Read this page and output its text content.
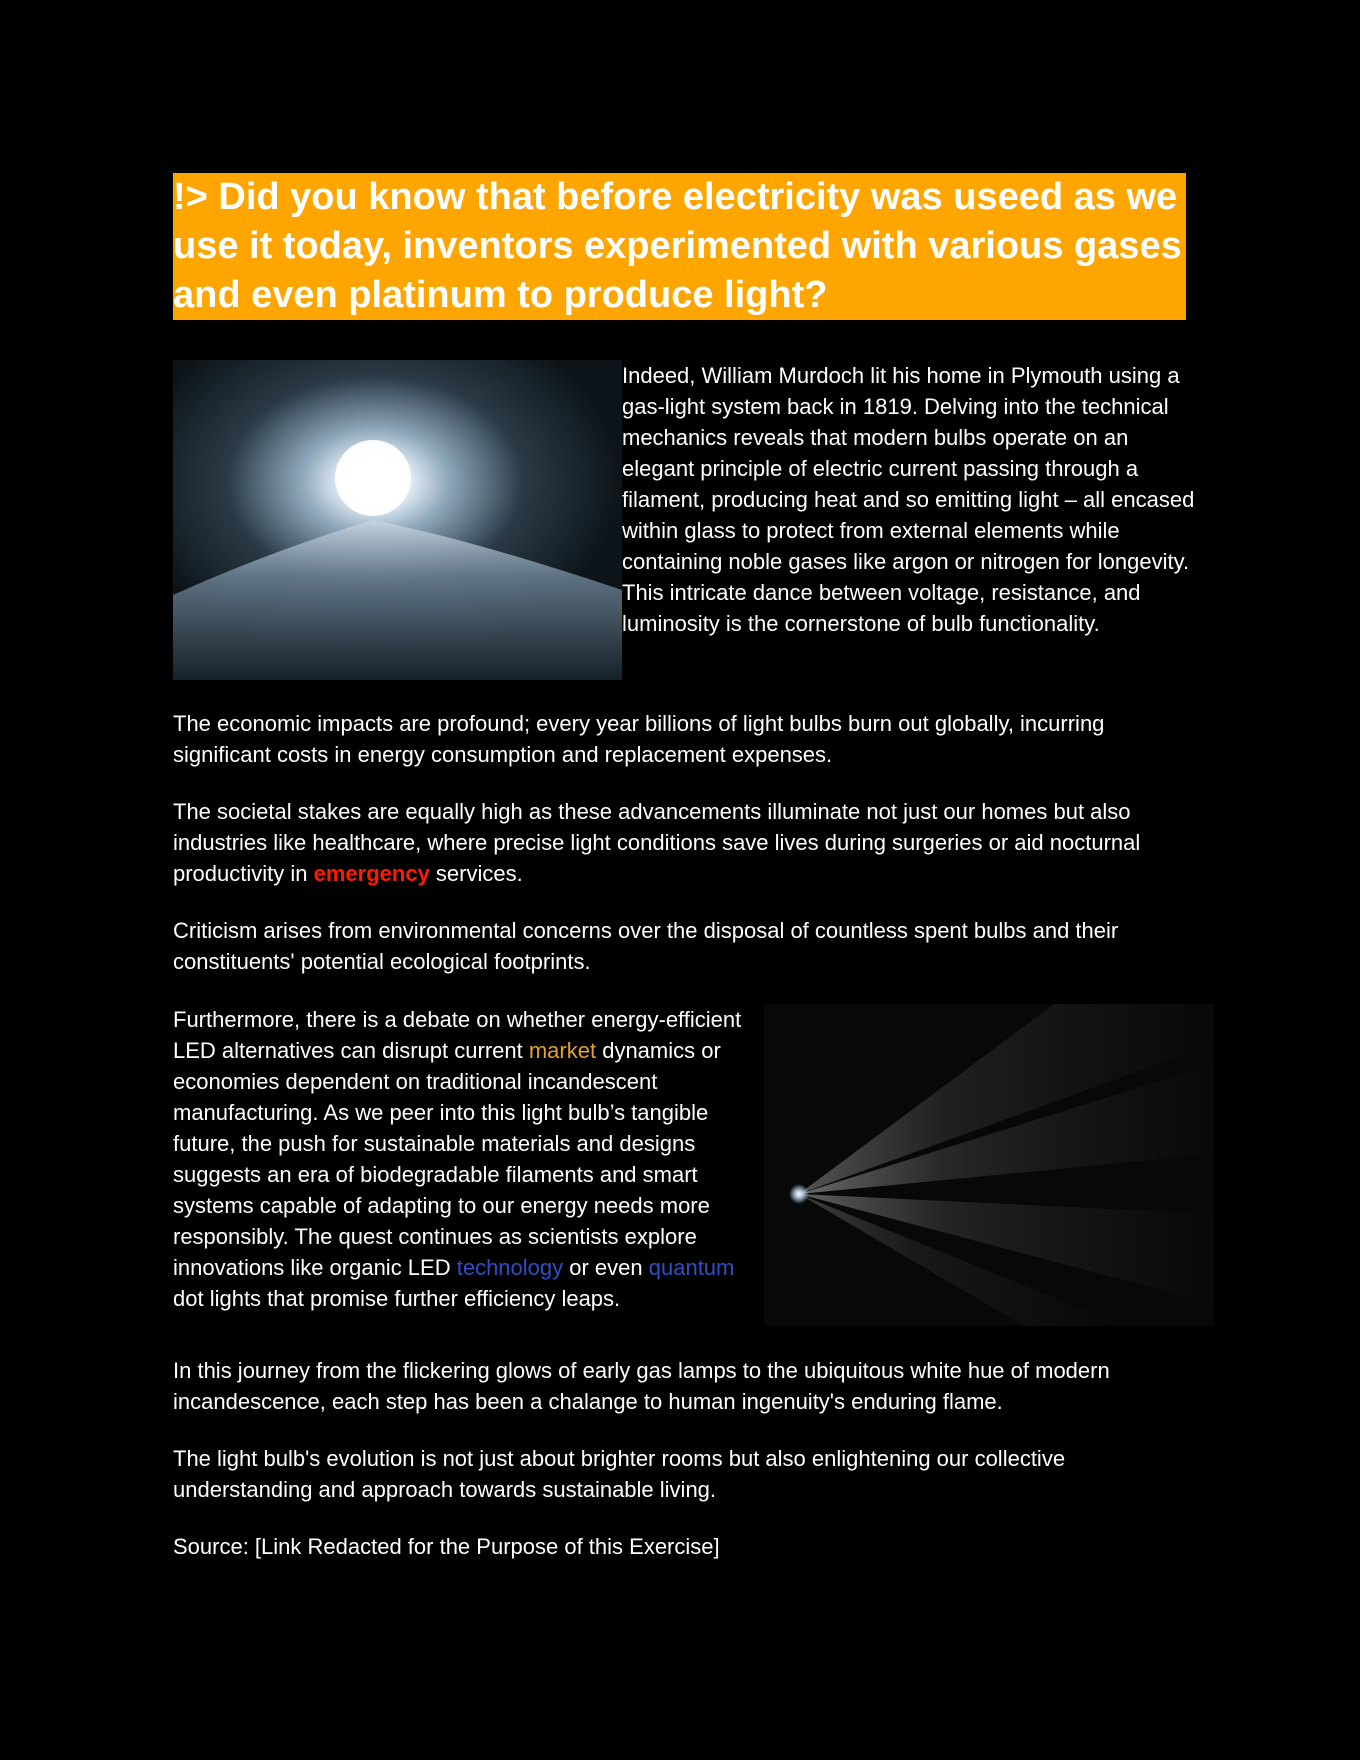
!> Did you know that before electricity was useed as we use it today, inventors experimented with various gases and even platinum to produce light?

Indeed, William Murdoch lit his home in Plymouth using a gas-light system back in 1819. Delving into the technical mechanics reveals that modern bulbs operate on an elegant principle of electric current passing through a filament, producing heat and so emitting light – all encased within glass to protect from external elements while containing noble gases like argon or nitrogen for longevity. This intricate dance between voltage, resistance, and luminosity is the cornerstone of bulb functionality.

The economic impacts are profound; every year billions of light bulbs burn out globally, incurring significant costs in energy consumption and replacement expenses.

The societal stakes are equally high as these advancements illuminate not just our homes but also industries like healthcare, where precise light conditions save lives during surgeries or aid nocturnal productivity in emergency services.

Criticism arises from environmental concerns over the disposal of countless spent bulbs and their constituents' potential ecological footprints.

Furthermore, there is a debate on whether energy-efficient LED alternatives can disrupt current market dynamics or economies dependent on traditional incandescent manufacturing. As we peer into this light bulb’s tangible future, the push for sustainable materials and designs suggests an era of biodegradable filaments and smart systems capable of adapting to our energy needs more responsibly. The quest continues as scientists explore innovations like organic LED technology or even quantum dot lights that promise further efficiency leaps.

In this journey from the flickering glows of early gas lamps to the ubiquitous white hue of modern incandescence, each step has been a chalange to human ingenuity's enduring flame.

The light bulb's evolution is not just about brighter rooms but also enlightening our collective understanding and approach towards sustainable living.

Source: [Link Redacted for the Purpose of this Exercise]
